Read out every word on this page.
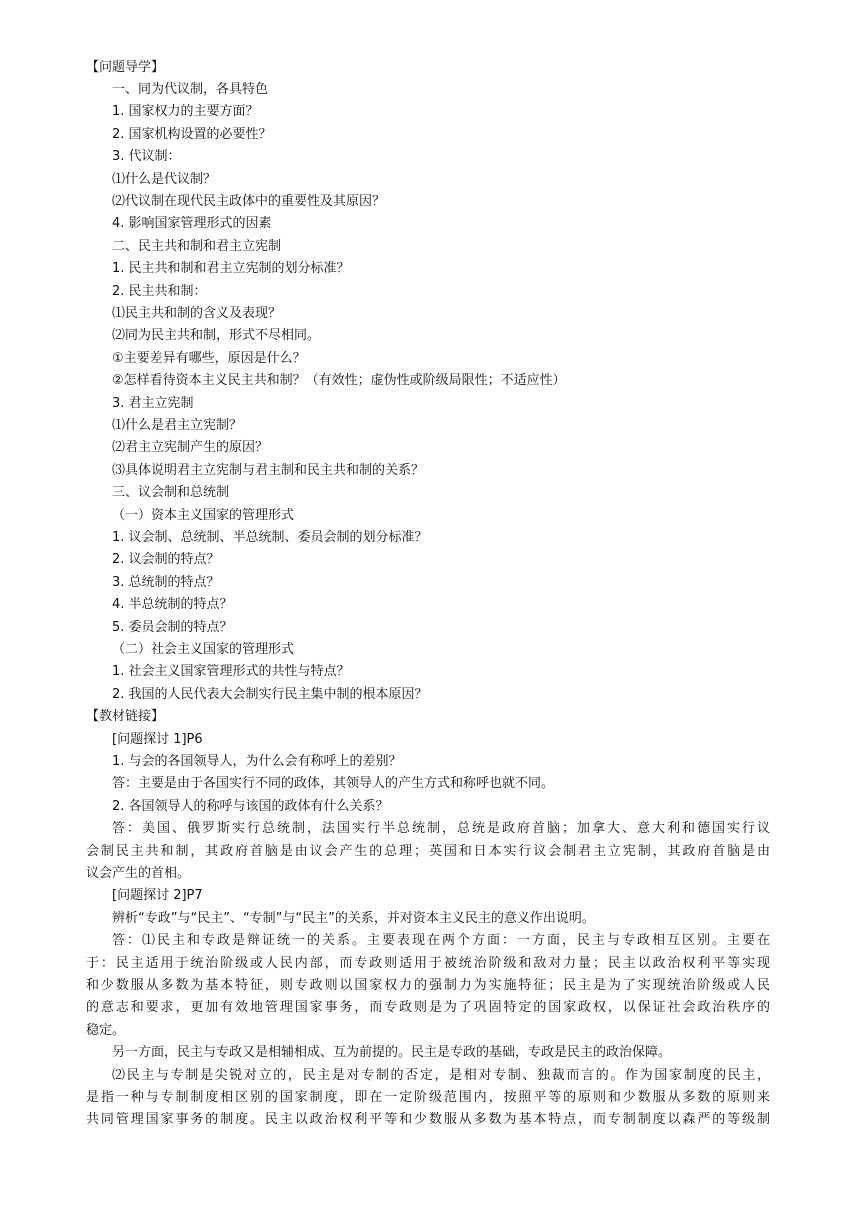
【问题导学】
一、同为代议制，各具特色
1. 国家权力的主要方面？
2. 国家机构设置的必要性？
3. 代议制：
⑴什么是代议制？
⑵代议制在现代民主政体中的重要性及其原因？
4. 影响国家管理形式的因素
二、民主共和制和君主立宪制
1. 民主共和制和君主立宪制的划分标准？
2. 民主共和制：
⑴民主共和制的含义及表现？
⑵同为民主共和制，形式不尽相同。
①主要差异有哪些，原因是什么？
②怎样看待资本主义民主共和制？（有效性；虚伪性或阶级局限性；不适应性）
3. 君主立宪制
⑴什么是君主立宪制？
⑵君主立宪制产生的原因？
⑶具体说明君主立宪制与君主制和民主共和制的关系？
三、议会制和总统制
（一）资本主义国家的管理形式
1. 议会制、总统制、半总统制、委员会制的划分标准？
2. 议会制的特点？
3. 总统制的特点？
4. 半总统制的特点？
5. 委员会制的特点？
（二）社会主义国家的管理形式
1. 社会主义国家管理形式的共性与特点？
2. 我国的人民代表大会制实行民主集中制的根本原因？
【教材链接】
[问题探讨 1]P6
1. 与会的各国领导人，为什么会有称呼上的差别？
答：主要是由于各国实行不同的政体，其领导人的产生方式和称呼也就不同。
2. 各国领导人的称呼与该国的政体有什么关系？
答：美国、俄罗斯实行总统制，法国实行半总统制，总统是政府首脑；加拿大、意大利和德国实行议
会制民主共和制，其政府首脑是由议会产生的总理；英国和日本实行议会制君主立宪制，其政府首脑是由
议会产生的首相。
[问题探讨 2]P7
辨析“专政”与“民主”、“专制”与“民主”的关系，并对资本主义民主的意义作出说明。
答：⑴民主和专政是辩证统一的关系。主要表现在两个方面：一方面，民主与专政相互区别。主要在
于：民主适用于统治阶级或人民内部，而专政则适用于被统治阶级和敌对力量；民主以政治权利平等实现
和少数服从多数为基本特征，则专政则以国家权力的强制力为实施特征；民主是为了实现统治阶级或人民
的意志和要求，更加有效地管理国家事务，而专政则是为了巩固特定的国家政权，以保证社会政治秩序的
稳定。
另一方面，民主与专政又是相辅相成、互为前提的。民主是专政的基础，专政是民主的政治保障。
⑵民主与专制是尖锐对立的，民主是对专制的否定，是相对专制、独裁而言的。作为国家制度的民主，
是指一种与专制制度相区别的国家制度，即在一定阶级范围内，按照平等的原则和少数服从多数的原则来
共同管理国家事务的制度。民主以政治权利平等和少数服从多数为基本特点，而专制制度以森严的等级制
